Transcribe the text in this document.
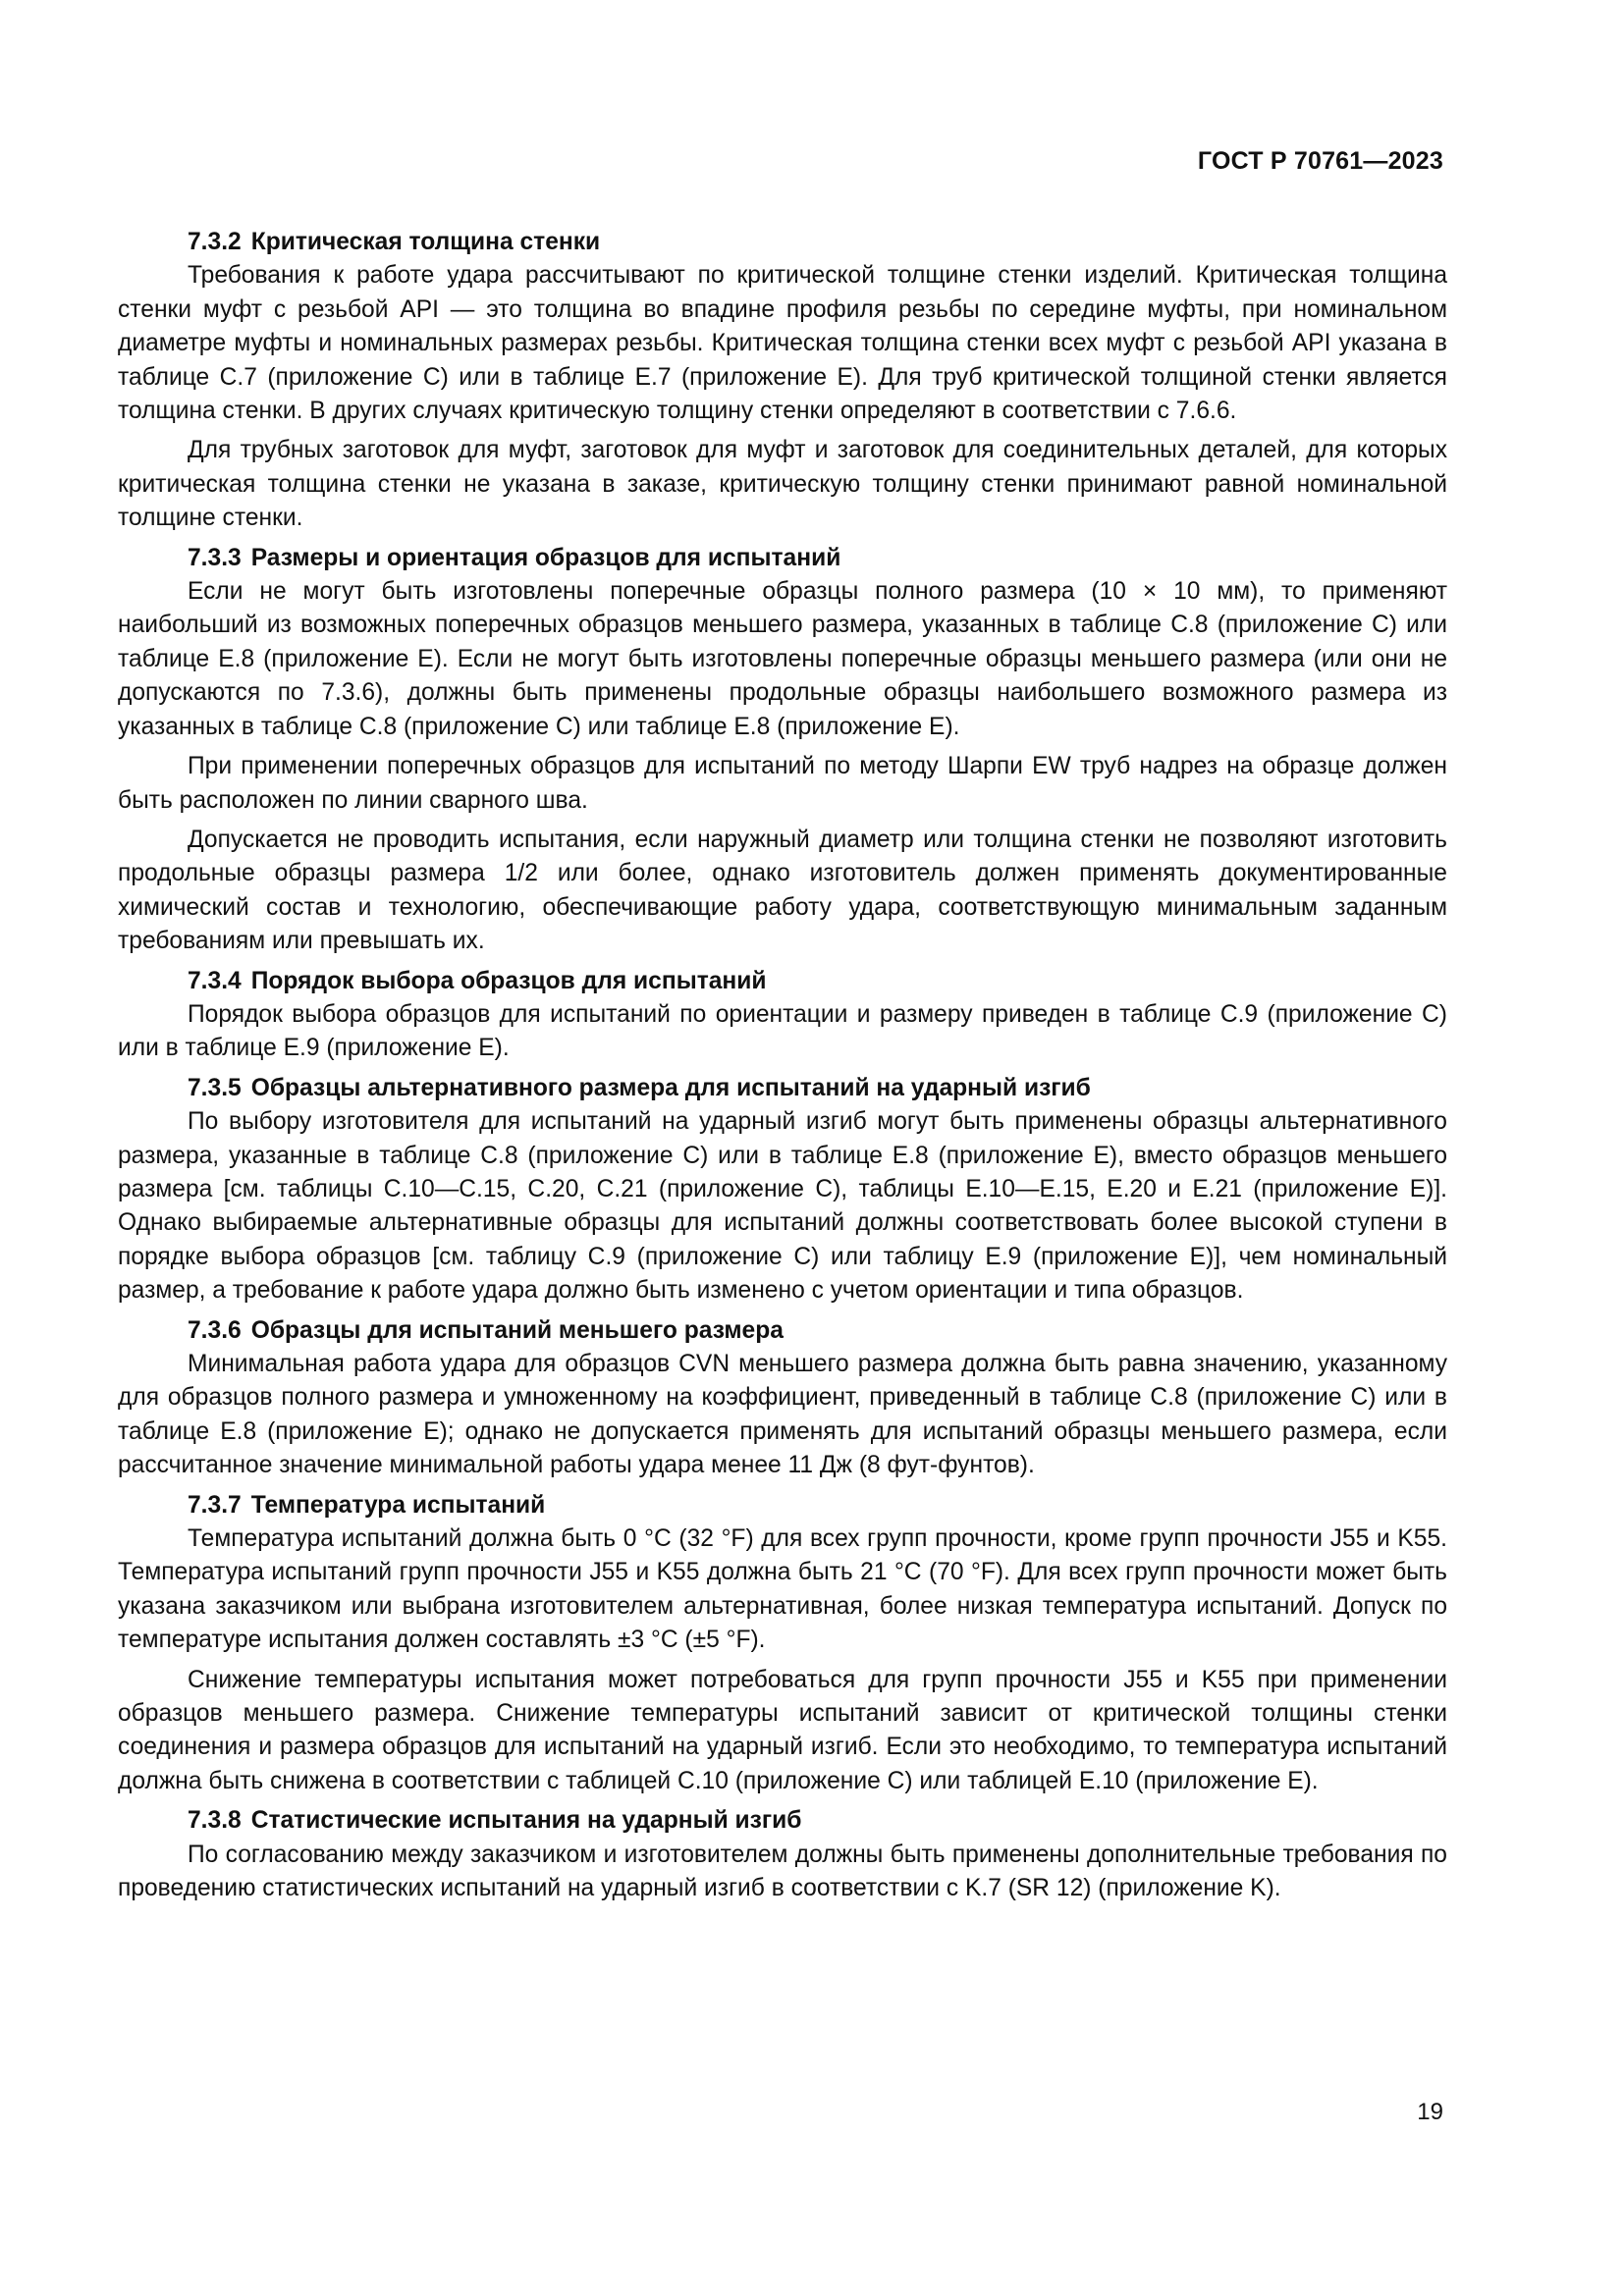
ГОСТ Р 70761—2023
7.3.2 Критическая толщина стенки

Требования к работе удара рассчитывают по критической толщине стенки изделий. Критическая толщина стенки муфт с резьбой API — это толщина во впадине профиля резьбы по середине муфты, при номинальном диаметре муфты и номинальных размерах резьбы. Критическая толщина стенки всех муфт с резьбой API указана в таблице C.7 (приложение C) или в таблице E.7 (приложение E). Для труб критической толщиной стенки является толщина стенки. В других случаях критическую толщину стенки определяют в соответствии с 7.6.6.

Для трубных заготовок для муфт, заготовок для муфт и заготовок для соединительных деталей, для которых критическая толщина стенки не указана в заказе, критическую толщину стенки принимают равной номинальной толщине стенки.

7.3.3 Размеры и ориентация образцов для испытаний

Если не могут быть изготовлены поперечные образцы полного размера (10 × 10 мм), то применяют наибольший из возможных поперечных образцов меньшего размера, указанных в таблице C.8 (приложение C) или таблице E.8 (приложение E). Если не могут быть изготовлены поперечные образцы меньшего размера (или они не допускаются по 7.3.6), должны быть применены продольные образцы наибольшего возможного размера из указанных в таблице C.8 (приложение C) или таблице E.8 (приложение E).

При применении поперечных образцов для испытаний по методу Шарпи EW труб надрез на образце должен быть расположен по линии сварного шва.

Допускается не проводить испытания, если наружный диаметр или толщина стенки не позволяют изготовить продольные образцы размера 1/2 или более, однако изготовитель должен применять документированные химический состав и технологию, обеспечивающие работу удара, соответствующую минимальным заданным требованиям или превышать их.

7.3.4 Порядок выбора образцов для испытаний

Порядок выбора образцов для испытаний по ориентации и размеру приведен в таблице C.9 (приложение C) или в таблице E.9 (приложение E).

7.3.5 Образцы альтернативного размера для испытаний на ударный изгиб

По выбору изготовителя для испытаний на ударный изгиб могут быть применены образцы альтернативного размера, указанные в таблице C.8 (приложение C) или в таблице E.8 (приложение E), вместо образцов меньшего размера [см. таблицы C.10—C.15, C.20, C.21 (приложение C), таблицы E.10—E.15, E.20 и E.21 (приложение E)]. Однако выбираемые альтернативные образцы для испытаний должны соответствовать более высокой ступени в порядке выбора образцов [см. таблицу C.9 (приложение C) или таблицу E.9 (приложение E)], чем номинальный размер, а требование к работе удара должно быть изменено с учетом ориентации и типа образцов.

7.3.6 Образцы для испытаний меньшего размера

Минимальная работа удара для образцов CVN меньшего размера должна быть равна значению, указанному для образцов полного размера и умноженному на коэффициент, приведенный в таблице C.8 (приложение C) или в таблице E.8 (приложение E); однако не допускается применять для испытаний образцы меньшего размера, если рассчитанное значение минимальной работы удара менее 11 Дж (8 фут-фунтов).

7.3.7 Температура испытаний

Температура испытаний должна быть 0 °C (32 °F) для всех групп прочности, кроме групп прочности J55 и K55. Температура испытаний групп прочности J55 и K55 должна быть 21 °C (70 °F). Для всех групп прочности может быть указана заказчиком или выбрана изготовителем альтернативная, более низкая температура испытаний. Допуск по температуре испытания должен составлять ±3 °C (±5 °F).

Снижение температуры испытания может потребоваться для групп прочности J55 и K55 при применении образцов меньшего размера. Снижение температуры испытаний зависит от критической толщины стенки соединения и размера образцов для испытаний на ударный изгиб. Если это необходимо, то температура испытаний должна быть снижена в соответствии с таблицей C.10 (приложение C) или таблицей E.10 (приложение E).

7.3.8 Статистические испытания на ударный изгиб

По согласованию между заказчиком и изготовителем должны быть применены дополнительные требования по проведению статистических испытаний на ударный изгиб в соответствии с K.7 (SR 12) (приложение K).

19
